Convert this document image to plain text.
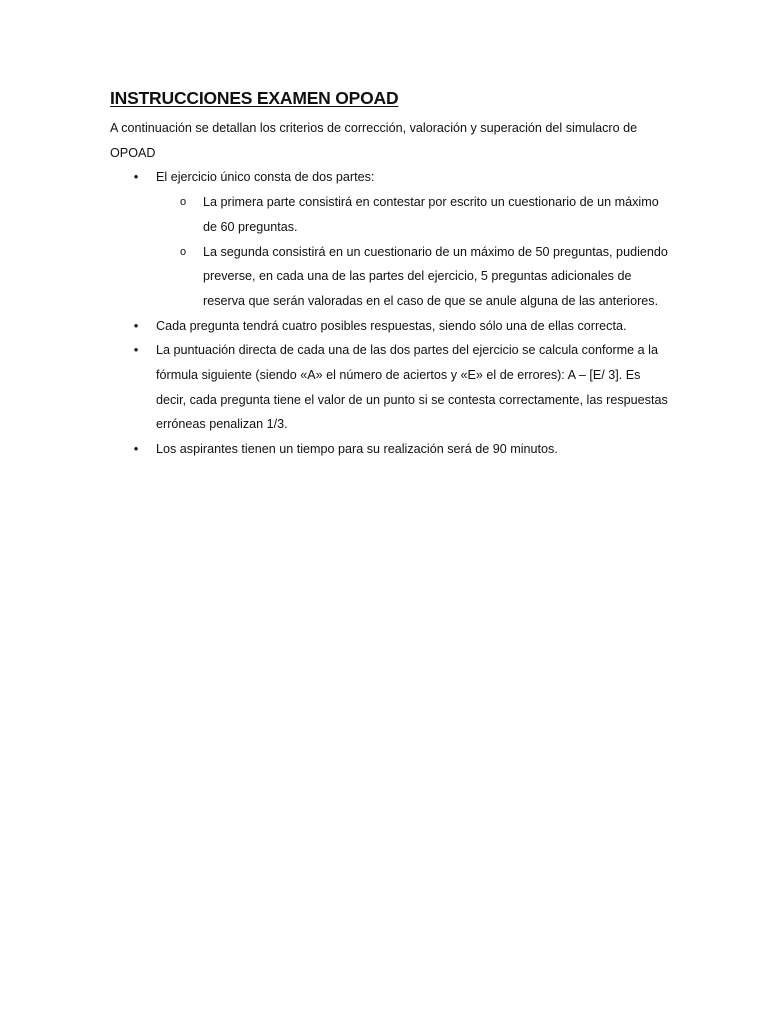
INSTRUCCIONES EXAMEN OPOAD

A continuación se detallan los criterios de corrección, valoración y superación del simulacro de OPOAD

• El ejercicio único consta de dos partes:
o La primera parte consistirá en contestar por escrito un cuestionario de un máximo de 60 preguntas.
o La segunda consistirá en un cuestionario de un máximo de 50 preguntas, pudiendo preverse, en cada una de las partes del ejercicio, 5 preguntas adicionales de reserva que serán valoradas en el caso de que se anule alguna de las anteriores.
• Cada pregunta tendrá cuatro posibles respuestas, siendo sólo una de ellas correcta.
• La puntuación directa de cada una de las dos partes del ejercicio se calcula conforme a la fórmula siguiente (siendo «A» el número de aciertos y «E» el de errores): A – [E/ 3]. Es decir, cada pregunta tiene el valor de un punto si se contesta correctamente, las respuestas erróneas penalizan 1/3.
• Los aspirantes tienen un tiempo para su realización será de 90 minutos.
